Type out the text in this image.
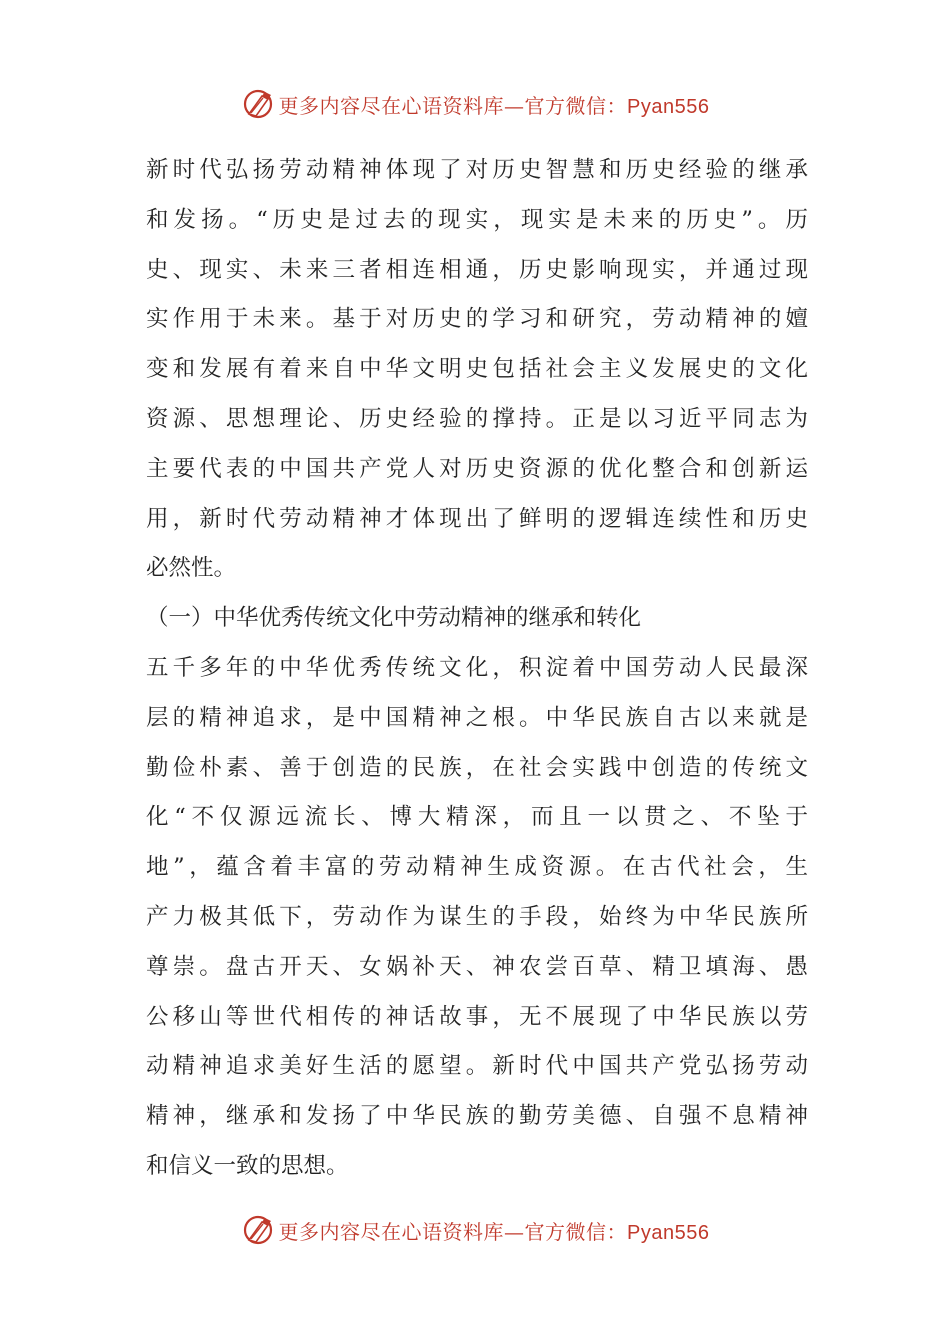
更多内容尽在心语资料库—官方微信：Pyan556
新时代弘扬劳动精神体现了对历史智慧和历史经验的继承
和发扬。“历史是过去的现实，现实是未来的历史”。历
史、现实、未来三者相连相通，历史影响现实，并通过现
实作用于未来。基于对历史的学习和研究，劳动精神的嬗
变和发展有着来自中华文明史包括社会主义发展史的文化
资源、思想理论、历史经验的撑持。正是以习近平同志为
主要代表的中国共产党人对历史资源的优化整合和创新运
用，新时代劳动精神才体现出了鲜明的逻辑连续性和历史
必然性。
（一）中华优秀传统文化中劳动精神的继承和转化
五千多年的中华优秀传统文化，积淀着中国劳动人民最深
层的精神追求，是中国精神之根。中华民族自古以来就是
勤俭朴素、善于创造的民族，在社会实践中创造的传统文
化“不仅源远流长、博大精深，而且一以贯之、不坠于
地”，蕴含着丰富的劳动精神生成资源。在古代社会，生
产力极其低下，劳动作为谋生的手段，始终为中华民族所
尊崇。盘古开天、女娲补天、神农尝百草、精卫填海、愚
公移山等世代相传的神话故事，无不展现了中华民族以劳
动精神追求美好生活的愿望。新时代中国共产党弘扬劳动
精神，继承和发扬了中华民族的勤劳美德、自强不息精神
和信义一致的思想。
更多内容尽在心语资料库—官方微信：Pyan556
